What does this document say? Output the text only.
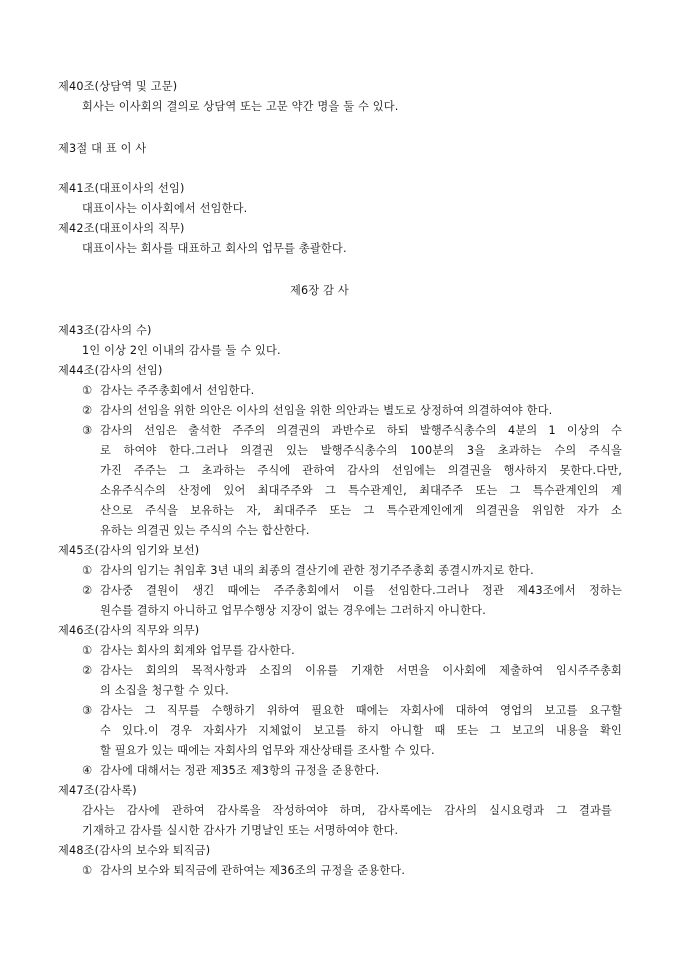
제40조(상담역 및 고문)
회사는 이사회의 결의로 상담역 또는 고문 약간 명을 둘 수 있다.
제3절 대 표 이 사
제41조(대표이사의 선임)
대표이사는 이사회에서 선임한다.
제42조(대표이사의 직무)
대표이사는 회사를 대표하고 회사의 업무를 총괄한다.
제6장 감 사
제43조(감사의 수)
1인 이상 2인 이내의 감사를 둘 수 있다.
제44조(감사의 선임)
① 감사는 주주총회에서 선임한다.
② 감사의 선임을 위한 의안은 이사의 선임을 위한 의안과는 별도로 상정하여 의결하여야 한다.
③ 감사의 선임은 출석한 주주의 의결권의 과반수로 하되 발행주식총수의 4분의 1 이상의 수
로 하여야 한다.그러나 의결권 있는 발행주식총수의 100분의 3을 초과하는 수의 주식을
가진 주주는 그 초과하는 주식에 관하여 감사의 선임에는 의결권을 행사하지 못한다.다만,
소유주식수의 산정에 있어 최대주주와 그 특수관계인, 최대주주 또는 그 특수관계인의 계
산으로 주식을 보유하는 자, 최대주주 또는 그 특수관계인에게 의결권을 위임한 자가 소
유하는 의결권 있는 주식의 수는 합산한다.
제45조(감사의 임기와 보선)
① 감사의 임기는 취임후 3년 내의 최종의 결산기에 관한 정기주주총회 종결시까지로 한다.
② 감사중 결원이 생긴 때에는 주주총회에서 이를 선임한다.그러나 정관 제43조에서 정하는
원수를 결하지 아니하고 업무수행상 지장이 없는 경우에는 그러하지 아니한다.
제46조(감사의 직무와 의무)
① 감사는 회사의 회계와 업무를 감사한다.
② 감사는 회의의 목적사항과 소집의 이유를 기재한 서면을 이사회에 제출하여 임시주주총회
의 소집을 청구할 수 있다.
③ 감사는 그 직무를 수행하기 위하여 필요한 때에는 자회사에 대하여 영업의 보고를 요구할
수 있다.이 경우 자회사가 지체없이 보고를 하지 아니할 때 또는 그 보고의 내용을 확인
할 필요가 있는 때에는 자회사의 업무와 재산상태를 조사할 수 있다.
④ 감사에 대해서는 정관 제35조 제3항의 규정을 준용한다.
제47조(감사록)
감사는 감사에 관하여 감사록을 작성하여야 하며, 감사록에는 감사의 실시요령과 그 결과를
기재하고 감사를 실시한 감사가 기명날인 또는 서명하여야 한다.
제48조(감사의 보수와 퇴직금)
① 감사의 보수와 퇴직금에 관하여는 제36조의 규정을 준용한다.
